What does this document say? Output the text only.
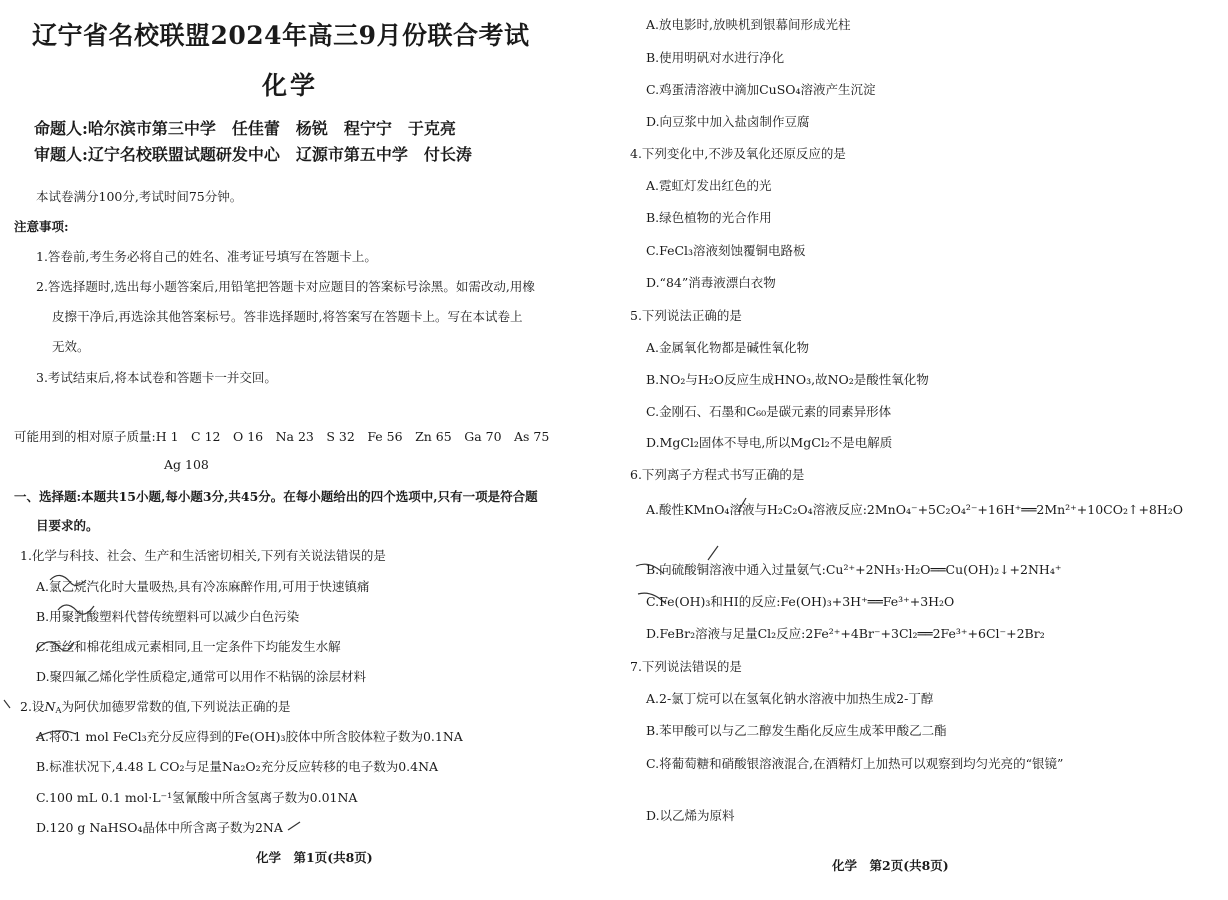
辽宁省名校联盟2024年高三9月份联合考试
化学
命题人:哈尔滨市第三中学　任佳蕾　杨锐　程宁宁　于克亮
审题人:辽宁名校联盟试题研发中心　辽源市第五中学　付长涛
本试卷满分100分,考试时间75分钟。
注意事项:
1.答卷前,考生务必将自己的姓名、准考证号填写在答题卡上。
2.答选择题时,选出每小题答案后,用铅笔把答题卡对应题目的答案标号涂黑。如需改动,用橡
皮擦干净后,再选涂其他答案标号。答非选择题时,将答案写在答题卡上。写在本试卷上
无效。
3.考试结束后,将本试卷和答题卡一并交回。
可能用到的相对原子质量:H 1　C 12　O 16　Na 23　S 32　Fe 56　Zn 65　Ga 70　As 75
Ag 108
一、选择题:本题共15小题,每小题3分,共45分。在每小题给出的四个选项中,只有一项是符合题
目要求的。
1.化学与科技、社会、生产和生活密切相关,下列有关说法错误的是
A.氯乙烷汽化时大量吸热,具有冷冻麻醉作用,可用于快速镇痛
B.用聚乳酸塑料代替传统塑料可以减少白色污染
C.蚕丝和棉花组成元素相同,且一定条件下均能发生水解
D.聚四氟乙烯化学性质稳定,通常可以用作不粘锅的涂层材料
2.设$N_A$为阿伏加德罗常数的值,下列说法正确的是
A.将0.1 mol FeCl₃充分反应得到的Fe(OH)₃胶体中所含胶体粒子数为0.1NA
B.标准状况下,4.48 L CO₂与足量Na₂O₂充分反应转移的电子数为0.4NA
C.100 mL 0.1 mol·L⁻¹氢氰酸中所含氢离子数为0.01NA
D.120 g NaHSO₄晶体中所含离子数为2NA
化学　第1页(共8页)
A.放电影时,放映机到银幕间形成光柱
B.使用明矾对水进行净化
C.鸡蛋清溶液中滴加CuSO₄溶液产生沉淀
D.向豆浆中加入盐卤制作豆腐
4.下列变化中,不涉及氧化还原反应的是
A.霓虹灯发出红色的光
B.绿色植物的光合作用
C.FeCl₃溶液刻蚀覆铜电路板
D.“84”消毒液漂白衣物
5.下列说法正确的是
A.金属氧化物都是碱性氧化物
B.NO₂与H₂O反应生成HNO₃,故NO₂是酸性氧化物
C.金刚石、石墨和C₆₀是碳元素的同素异形体
D.MgCl₂固体不导电,所以MgCl₂不是电解质
6.下列离子方程式书写正确的是
A.酸性KMnO₄溶液与H₂C₂O₄溶液反应:2MnO₄⁻+5C₂O₄²⁻+16H⁺══2Mn²⁺+10CO₂↑+8H₂O
B.向硫酸铜溶液中通入过量氨气:Cu²⁺+2NH₃·H₂O══Cu(OH)₂↓+2NH₄⁺
C.Fe(OH)₃和HI的反应:Fe(OH)₃+3H⁺══Fe³⁺+3H₂O
D.FeBr₂溶液与足量Cl₂反应:2Fe²⁺+4Br⁻+3Cl₂══2Fe³⁺+6Cl⁻+2Br₂
7.下列说法错误的是
A.2-氯丁烷可以在氢氧化钠水溶液中加热生成2-丁醇
B.苯甲酸可以与乙二醇发生酯化反应生成苯甲酸乙二酯
C.将葡萄糖和硝酸银溶液混合,在酒精灯上加热可以观察到均匀光亮的“银镜”
D.以乙烯为原料
化学　第2页(共8页)
